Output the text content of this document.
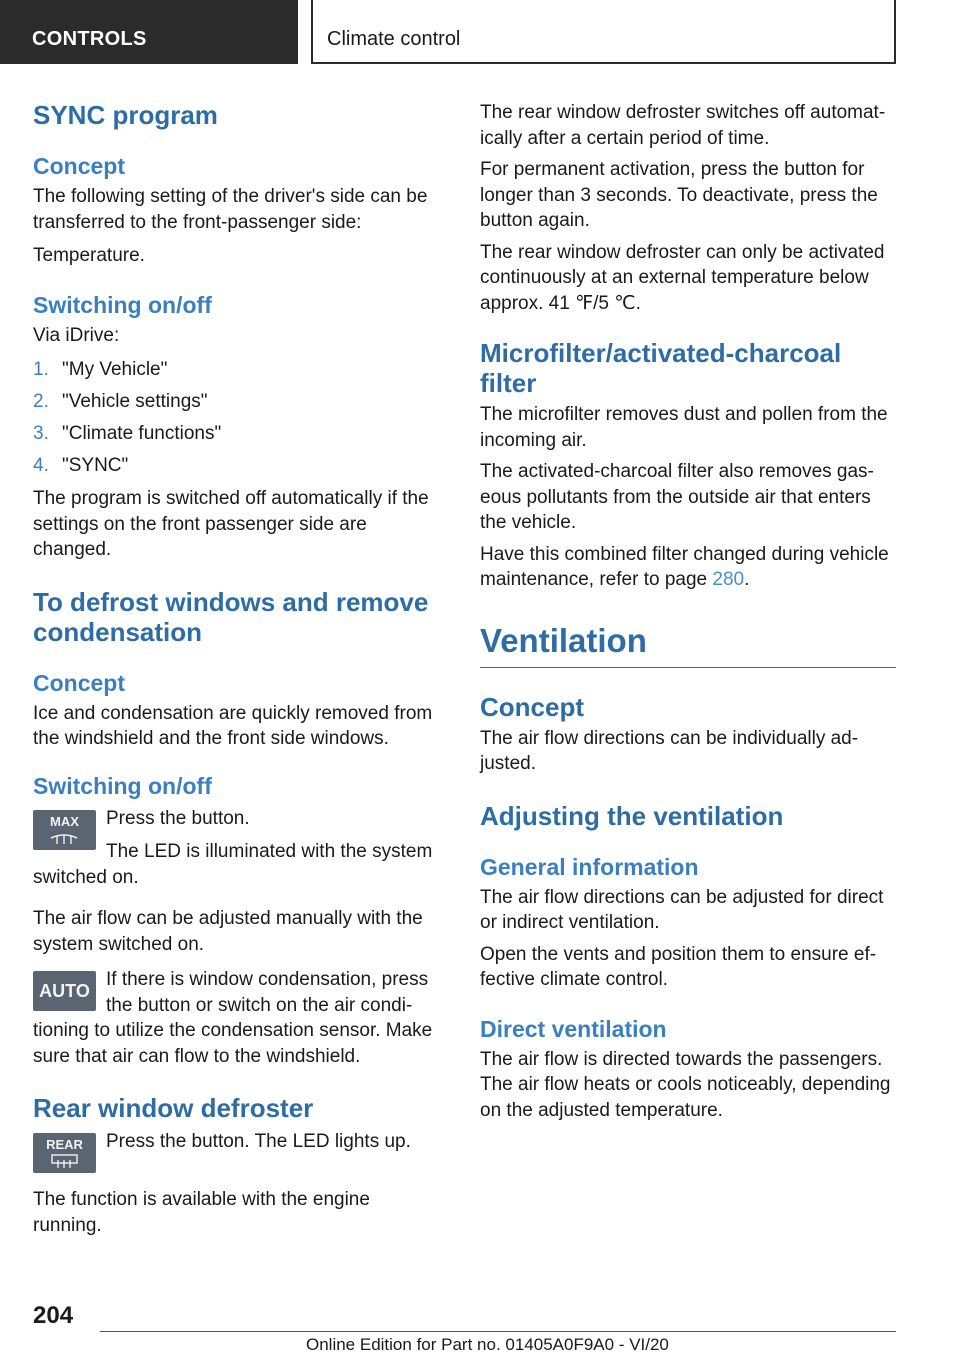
CONTROLS	Climate control
SYNC program
Concept

The following setting of the driver's side can be transferred to the front-passenger side:

Temperature.

Switching on/off

Via iDrive:

1. "My Vehicle"
2. "Vehicle settings"
3. "Climate functions"
4. "SYNC"

The program is switched off automatically if the settings on the front passenger side are changed.

To defrost windows and remove condensation
Concept

Ice and condensation are quickly removed from the windshield and the front side windows.

Switching on/off
MAX	Press the button.

The LED is illuminated with the system switched on.

The air flow can be adjusted manually with the system switched on.

AUTO

If there is window condensation, press the button or switch on the air condi‐tioning to utilize the condensation sensor. Make sure that air can flow to the windshield.

Rear window defroster
REAR	Press the button. The LED lights up.

The function is available with the engine running.

The rear window defroster switches off automat‐ically after a certain period of time.

For permanent activation, press the button for longer than 3 seconds. To deactivate, press the button again.

The rear window defroster can only be activated continuously at an external temperature below approx. 41 ℉/5 ℃.

Microfilter/activated-charcoal filter

The microfilter removes dust and pollen from the incoming air.

The activated-charcoal filter also removes gas‐eous pollutants from the outside air that enters the vehicle.

Have this combined filter changed during vehicle maintenance, refer to page 280.

Ventilation
Concept

The air flow directions can be individually ad‐justed.

Adjusting the ventilation
General information

The air flow directions can be adjusted for direct or indirect ventilation.

Open the vents and position them to ensure ef‐fective climate control.

Direct ventilation

The air flow is directed towards the passengers. The air flow heats or cools noticeably, depending on the adjusted temperature.

204
Online Edition for Part no. 01405A0F9A0 - VI/20
